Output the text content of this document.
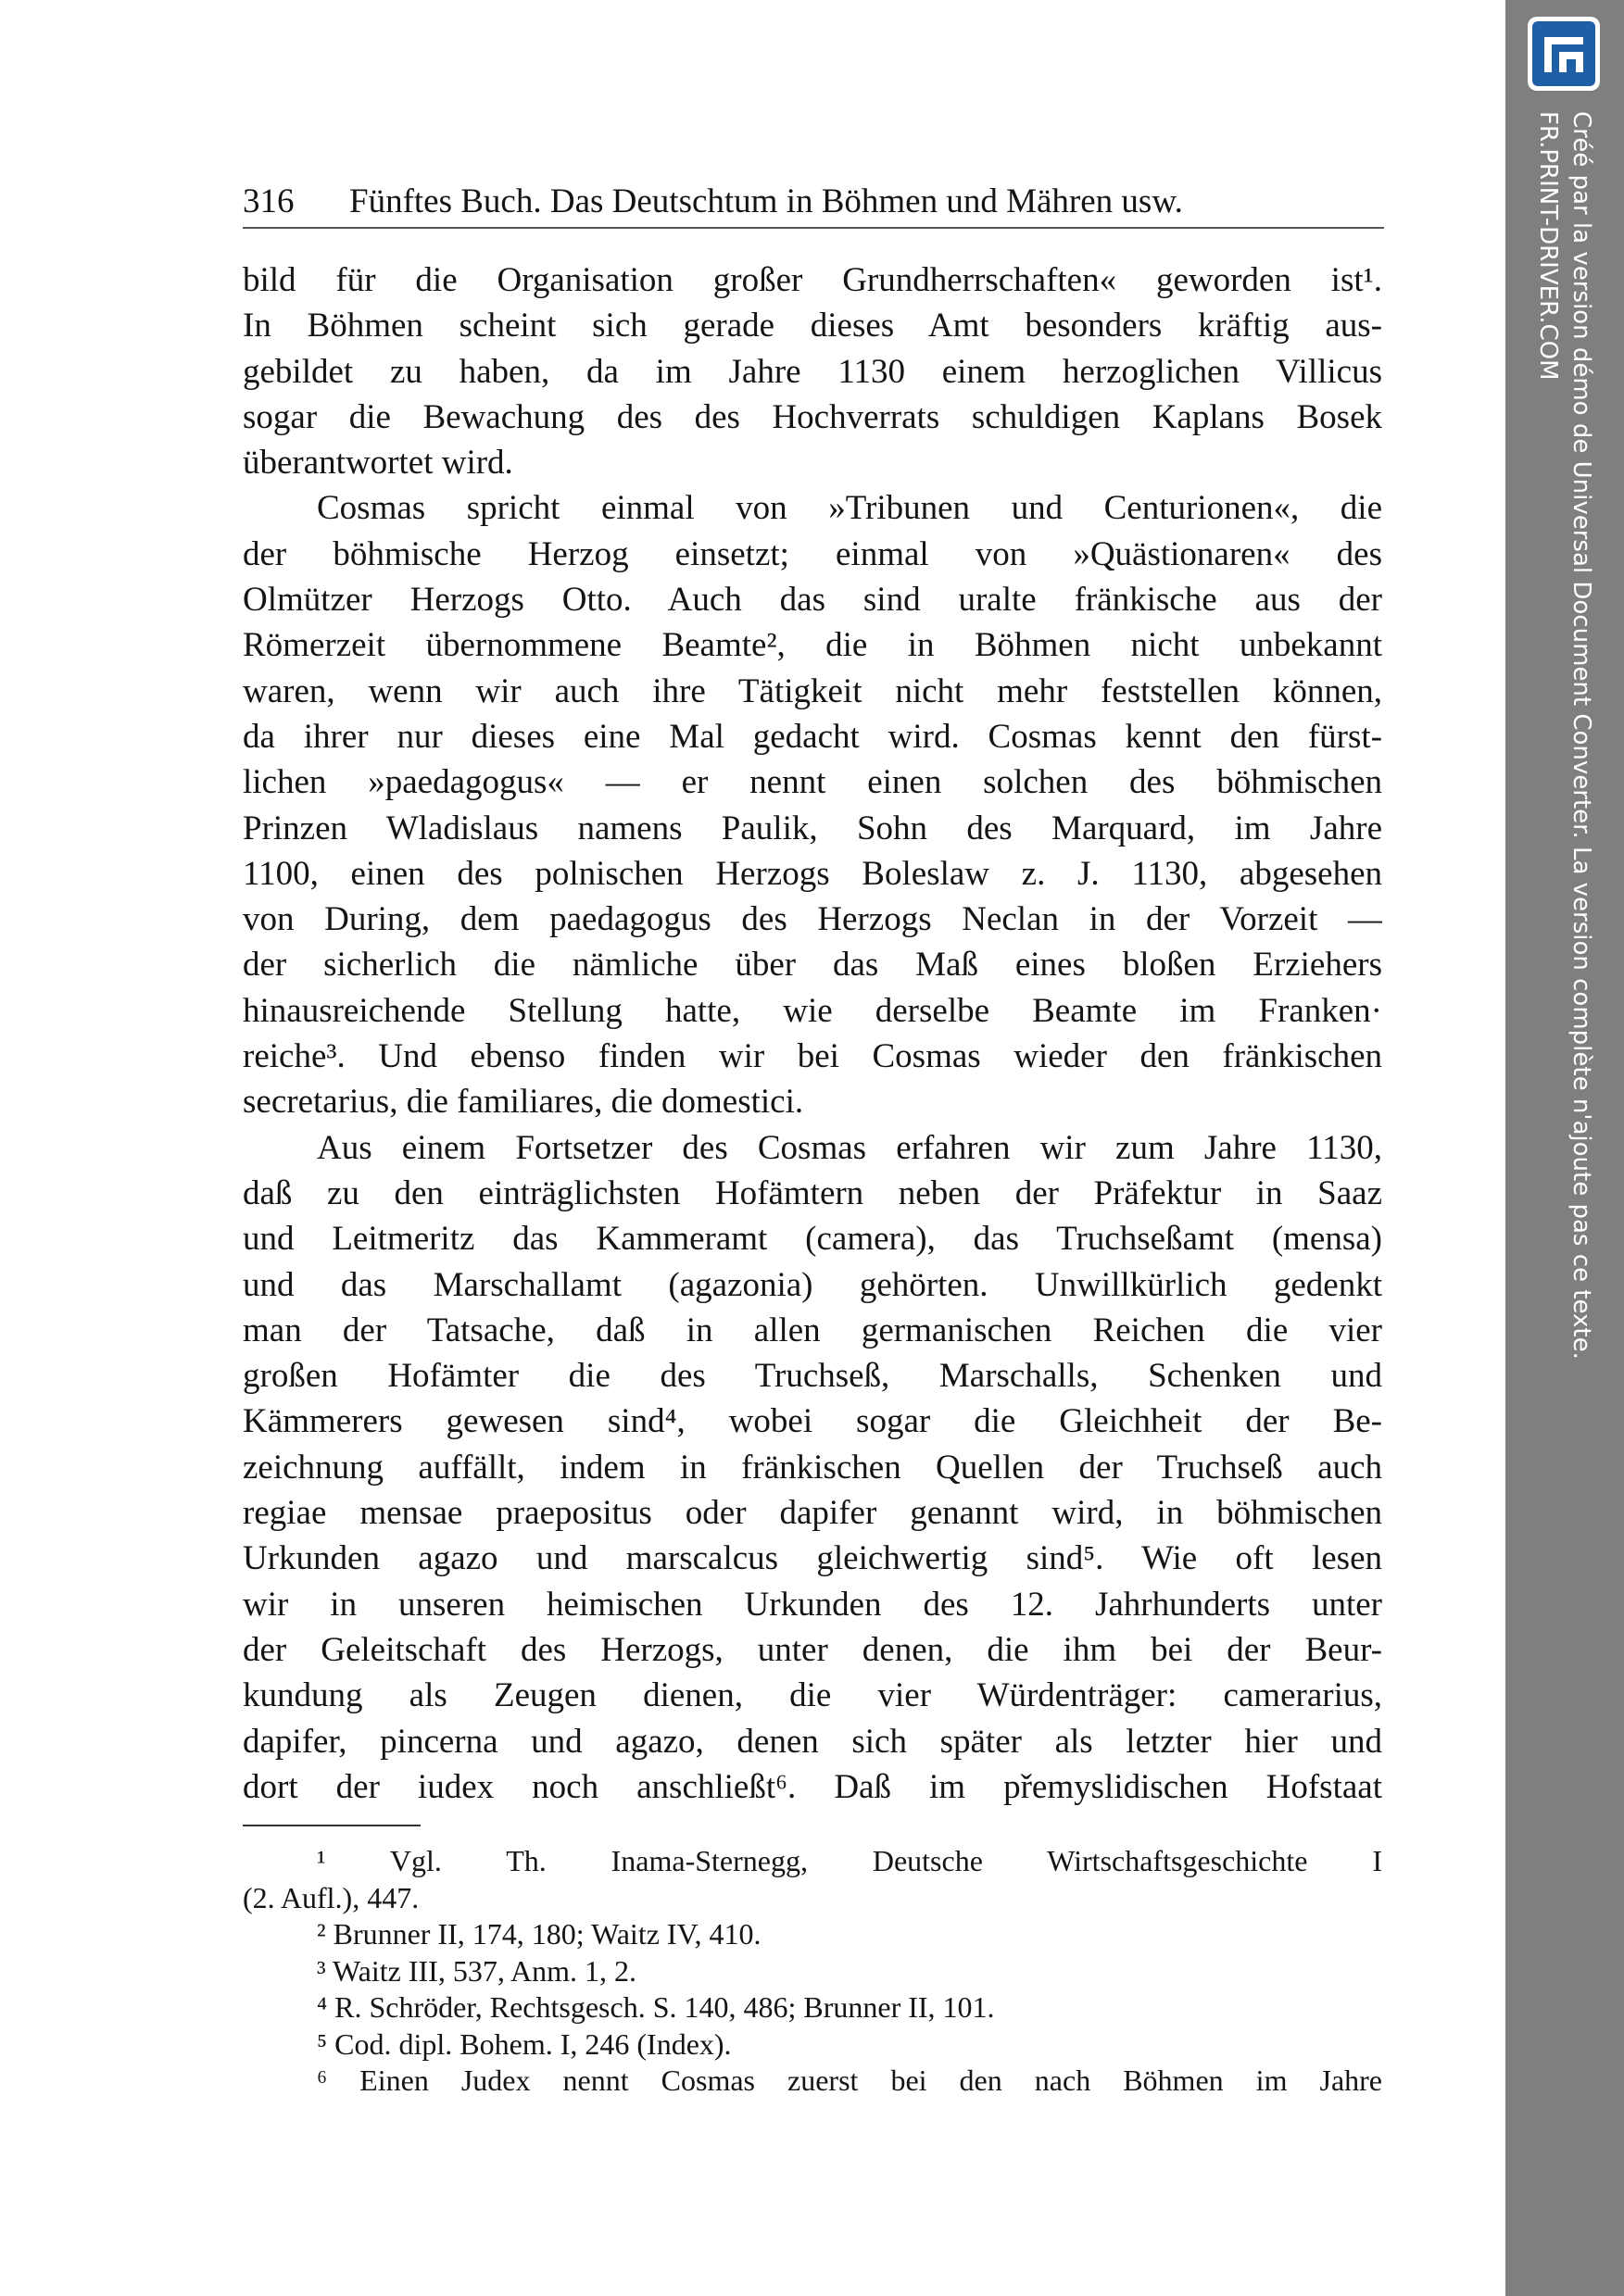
316 Fünftes Buch. Das Deutschtum in Böhmen und Mähren usw.
bild für die Organisation großer Grundherrschaften« geworden ist¹.
In Böhmen scheint sich gerade dieses Amt besonders kräftig aus-
gebildet zu haben, da im Jahre 1130 einem herzoglichen Villicus
sogar die Bewachung des des Hochverrats schuldigen Kaplans Bosek
überantwortet wird.
Cosmas spricht einmal von »Tribunen und Centurionen«, die
der böhmische Herzog einsetzt; einmal von »Quästionaren« des
Olmützer Herzogs Otto. Auch das sind uralte fränkische aus der
Römerzeit übernommene Beamte², die in Böhmen nicht unbekannt
waren, wenn wir auch ihre Tätigkeit nicht mehr feststellen können,
da ihrer nur dieses eine Mal gedacht wird. Cosmas kennt den fürst-
lichen »paedagogus« — er nennt einen solchen des böhmischen
Prinzen Wladislaus namens Paulik, Sohn des Marquard, im Jahre
1100, einen des polnischen Herzogs Boleslaw z. J. 1130, abgesehen
von During, dem paedagogus des Herzogs Neclan in der Vorzeit —
der sicherlich die nämliche über das Maß eines bloßen Erziehers
hinausreichende Stellung hatte, wie derselbe Beamte im Franken·
reiche³. Und ebenso finden wir bei Cosmas wieder den fränkischen
secretarius, die familiares, die domestici.
Aus einem Fortsetzer des Cosmas erfahren wir zum Jahre 1130,
daß zu den einträglichsten Hofämtern neben der Präfektur in Saaz
und Leitmeritz das Kammeramt (camera), das Truchseßamt (mensa)
und das Marschallamt (agazonia) gehörten. Unwillkürlich gedenkt
man der Tatsache, daß in allen germanischen Reichen die vier
großen Hofämter die des Truchseß, Marschalls, Schenken und
Kämmerers gewesen sind⁴, wobei sogar die Gleichheit der Be-
zeichnung auffällt, indem in fränkischen Quellen der Truchseß auch
regiae mensae praepositus oder dapifer genannt wird, in böhmischen
Urkunden agazo und marscalcus gleichwertig sind⁵. Wie oft lesen
wir in unseren heimischen Urkunden des 12. Jahrhunderts unter
der Geleitschaft des Herzogs, unter denen, die ihm bei der Beur-
kundung als Zeugen dienen, die vier Würdenträger: camerarius,
dapifer, pincerna und agazo, denen sich später als letzter hier und
dort der iudex noch anschließt⁶. Daß im přemyslidischen Hofstaat
¹ Vgl. Th. Inama-Sternegg, Deutsche Wirtschaftsgeschichte I
(2. Aufl.), 447.
² Brunner II, 174, 180; Waitz IV, 410.
³ Waitz III, 537, Anm. 1, 2.
⁴ R. Schröder, Rechtsgesch. S. 140, 486; Brunner II, 101.
⁵ Cod. dipl. Bohem. I, 246 (Index).
⁶ Einen Judex nennt Cosmas zuerst bei den nach Böhmen im Jahre
Créé par la version démo de Universal Document Converter. La version complète n'ajoute pas ce texte.
FR.PRINT-DRIVER.COM
